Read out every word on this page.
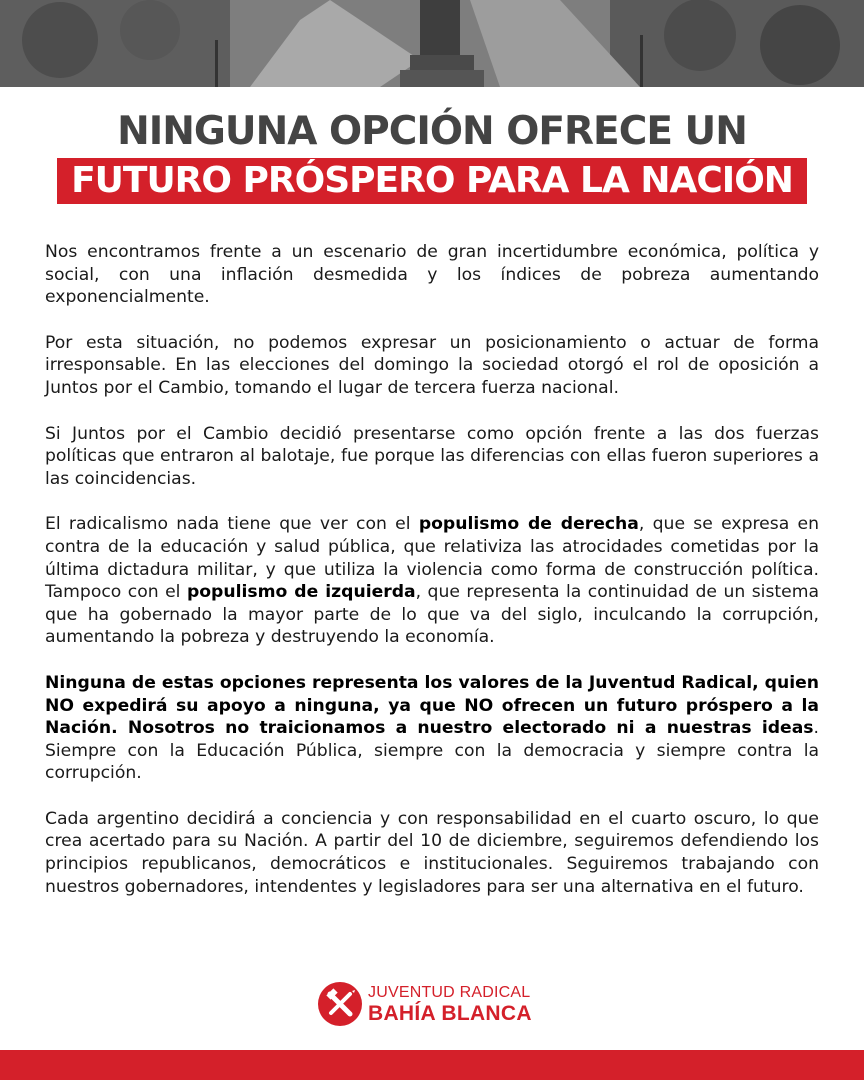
NINGUNA OPCIÓN OFRECE UN
FUTURO PRÓSPERO PARA LA NACIÓN

Nos encontramos frente a un escenario de gran incertidumbre económica, política y social, con una inflación desmedida y los índices de pobreza aumentando exponencialmente.

Por esta situación, no podemos expresar un posicionamiento o actuar de forma irresponsable. En las elecciones del domingo la sociedad otorgó el rol de oposición a Juntos por el Cambio, tomando el lugar de tercera fuerza nacional.

Si Juntos por el Cambio decidió presentarse como opción frente a las dos fuerzas políticas que entraron al balotaje, fue porque las diferencias con ellas fueron superiores a las coincidencias.

El radicalismo nada tiene que ver con el populismo de derecha, que se expresa en contra de la educación y salud pública, que relativiza las atrocidades cometidas por la última dictadura militar, y que utiliza la violencia como forma de construcción política. Tampoco con el populismo de izquierda, que representa la continuidad de un sistema que ha gobernado la mayor parte de lo que va del siglo, inculcando la corrupción, aumentando la pobreza y destruyendo la economía.

Ninguna de estas opciones representa los valores de la Juventud Radical, quien NO expedirá su apoyo a ninguna, ya que NO ofrecen un futuro próspero a la Nación. Nosotros no traicionamos a nuestro electorado ni a nuestras ideas. Siempre con la Educación Pública, siempre con la democracia y siempre contra la corrupción.

Cada argentino decidirá a conciencia y con responsabilidad en el cuarto oscuro, lo que crea acertado para su Nación. A partir del 10 de diciembre, seguiremos defendiendo los principios republicanos, democráticos e institucionales. Seguiremos trabajando con nuestros gobernadores, intendentes y legisladores para ser una alternativa en el futuro.

JUVENTUD RADICAL
BAHÍA BLANCA
